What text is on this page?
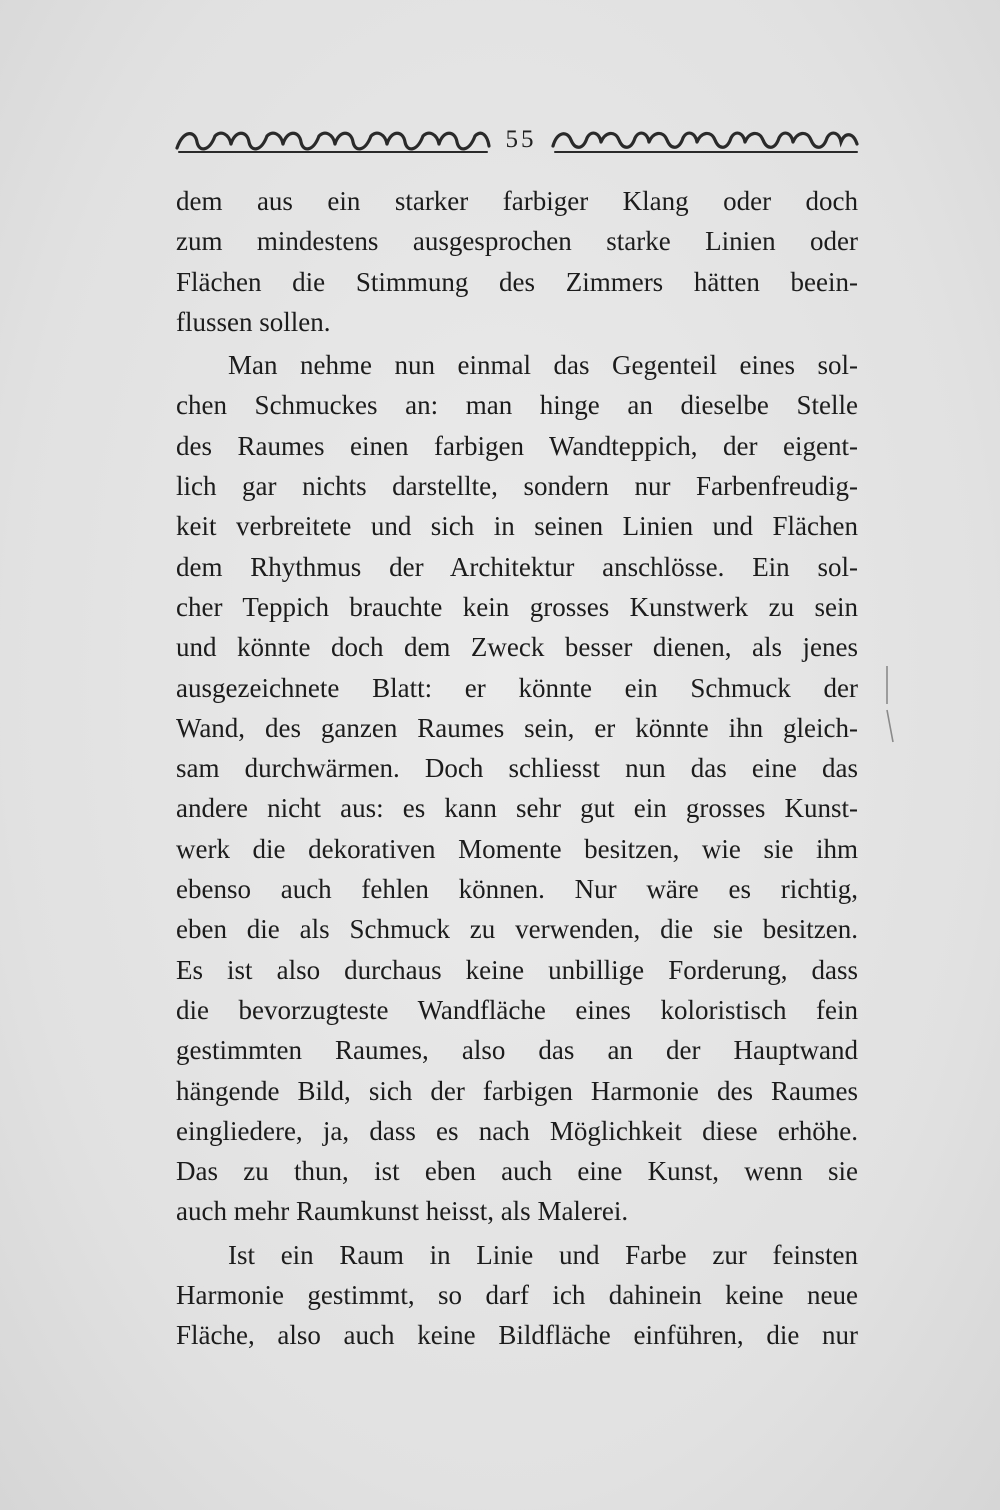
55
dem aus ein starker farbiger Klang oder doch
zum mindestens ausgesprochen starke Linien oder
Flächen die Stimmung des Zimmers hätten beein-
flussen sollen.
Man nehme nun einmal das Gegenteil eines sol-
chen Schmuckes an: man hinge an dieselbe Stelle
des Raumes einen farbigen Wandteppich, der eigent-
lich gar nichts darstellte, sondern nur Farbenfreudig-
keit verbreitete und sich in seinen Linien und Flächen
dem Rhythmus der Architektur anschlösse. Ein sol-
cher Teppich brauchte kein grosses Kunstwerk zu sein
und könnte doch dem Zweck besser dienen, als jenes
ausgezeichnete Blatt: er könnte ein Schmuck der
Wand, des ganzen Raumes sein, er könnte ihn gleich-
sam durchwärmen. Doch schliesst nun das eine das
andere nicht aus: es kann sehr gut ein grosses Kunst-
werk die dekorativen Momente besitzen, wie sie ihm
ebenso auch fehlen können. Nur wäre es richtig,
eben die als Schmuck zu verwenden, die sie besitzen.
Es ist also durchaus keine unbillige Forderung, dass
die bevorzugteste Wandfläche eines koloristisch fein
gestimmten Raumes, also das an der Hauptwand
hängende Bild, sich der farbigen Harmonie des Raumes
eingliedere, ja, dass es nach Möglichkeit diese erhöhe.
Das zu thun, ist eben auch eine Kunst, wenn sie
auch mehr Raumkunst heisst, als Malerei.
Ist ein Raum in Linie und Farbe zur feinsten
Harmonie gestimmt, so darf ich dahinein keine neue
Fläche, also auch keine Bildfläche einführen, die nur
